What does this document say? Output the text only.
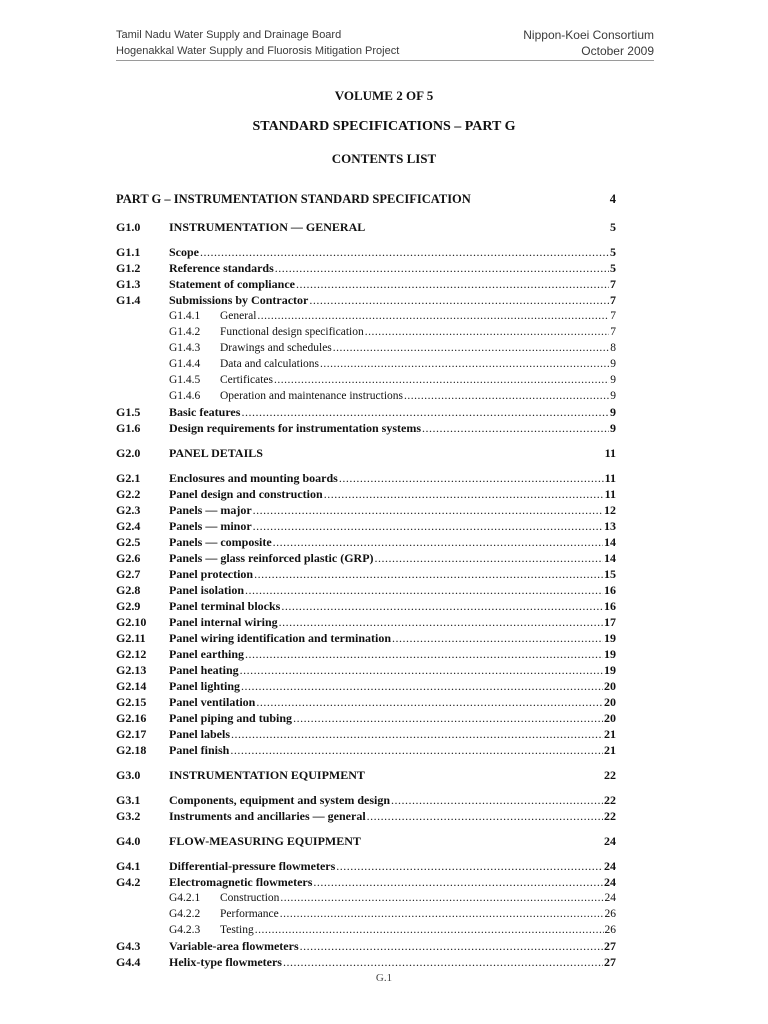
Tamil Nadu Water Supply and Drainage Board
Hogenakkal Water Supply and Fluorosis Mitigation Project
Nippon-Koei Consortium
October 2009
VOLUME 2 OF 5
STANDARD SPECIFICATIONS – PART G
CONTENTS LIST
PART G – INSTRUMENTATION STANDARD SPECIFICATION	4
G1.0 INSTRUMENTATION — GENERAL	5
G1.1 Scope .....	5
G1.2 Reference standards .....	5
G1.3 Statement of compliance .....	7
G1.4 Submissions by Contractor .....	7
G1.4.1 General .....	7
G1.4.2 Functional design specification .....	7
G1.4.3 Drawings and schedules .....	8
G1.4.4 Data and calculations .....	9
G1.4.5 Certificates .....	9
G1.4.6 Operation and maintenance instructions .....	9
G1.5 Basic features .....	9
G1.6 Design requirements for instrumentation systems .....	9
G2.0 PANEL DETAILS	11
G2.1 Enclosures and mounting boards .....	11
G2.2 Panel design and construction .....	11
G2.3 Panels — major .....	12
G2.4 Panels — minor .....	13
G2.5 Panels — composite .....	14
G2.6 Panels — glass reinforced plastic (GRP) .....	14
G2.7 Panel protection .....	15
G2.8 Panel isolation .....	16
G2.9 Panel terminal blocks .....	16
G2.10 Panel internal wiring .....	17
G2.11 Panel wiring identification and termination .....	19
G2.12 Panel earthing .....	19
G2.13 Panel heating .....	19
G2.14 Panel lighting .....	20
G2.15 Panel ventilation .....	20
G2.16 Panel piping and tubing .....	20
G2.17 Panel labels .....	21
G2.18 Panel finish .....	21
G3.0 INSTRUMENTATION EQUIPMENT	22
G3.1 Components, equipment and system design .....	22
G3.2 Instruments and ancillaries — general .....	22
G4.0 FLOW-MEASURING EQUIPMENT	24
G4.1 Differential-pressure flowmeters .....	24
G4.2 Electromagnetic flowmeters .....	24
G4.2.1 Construction .....	24
G4.2.2 Performance .....	26
G4.2.3 Testing .....	26
G4.3 Variable-area flowmeters .....	27
G4.4 Helix-type flowmeters .....	27
G.1
